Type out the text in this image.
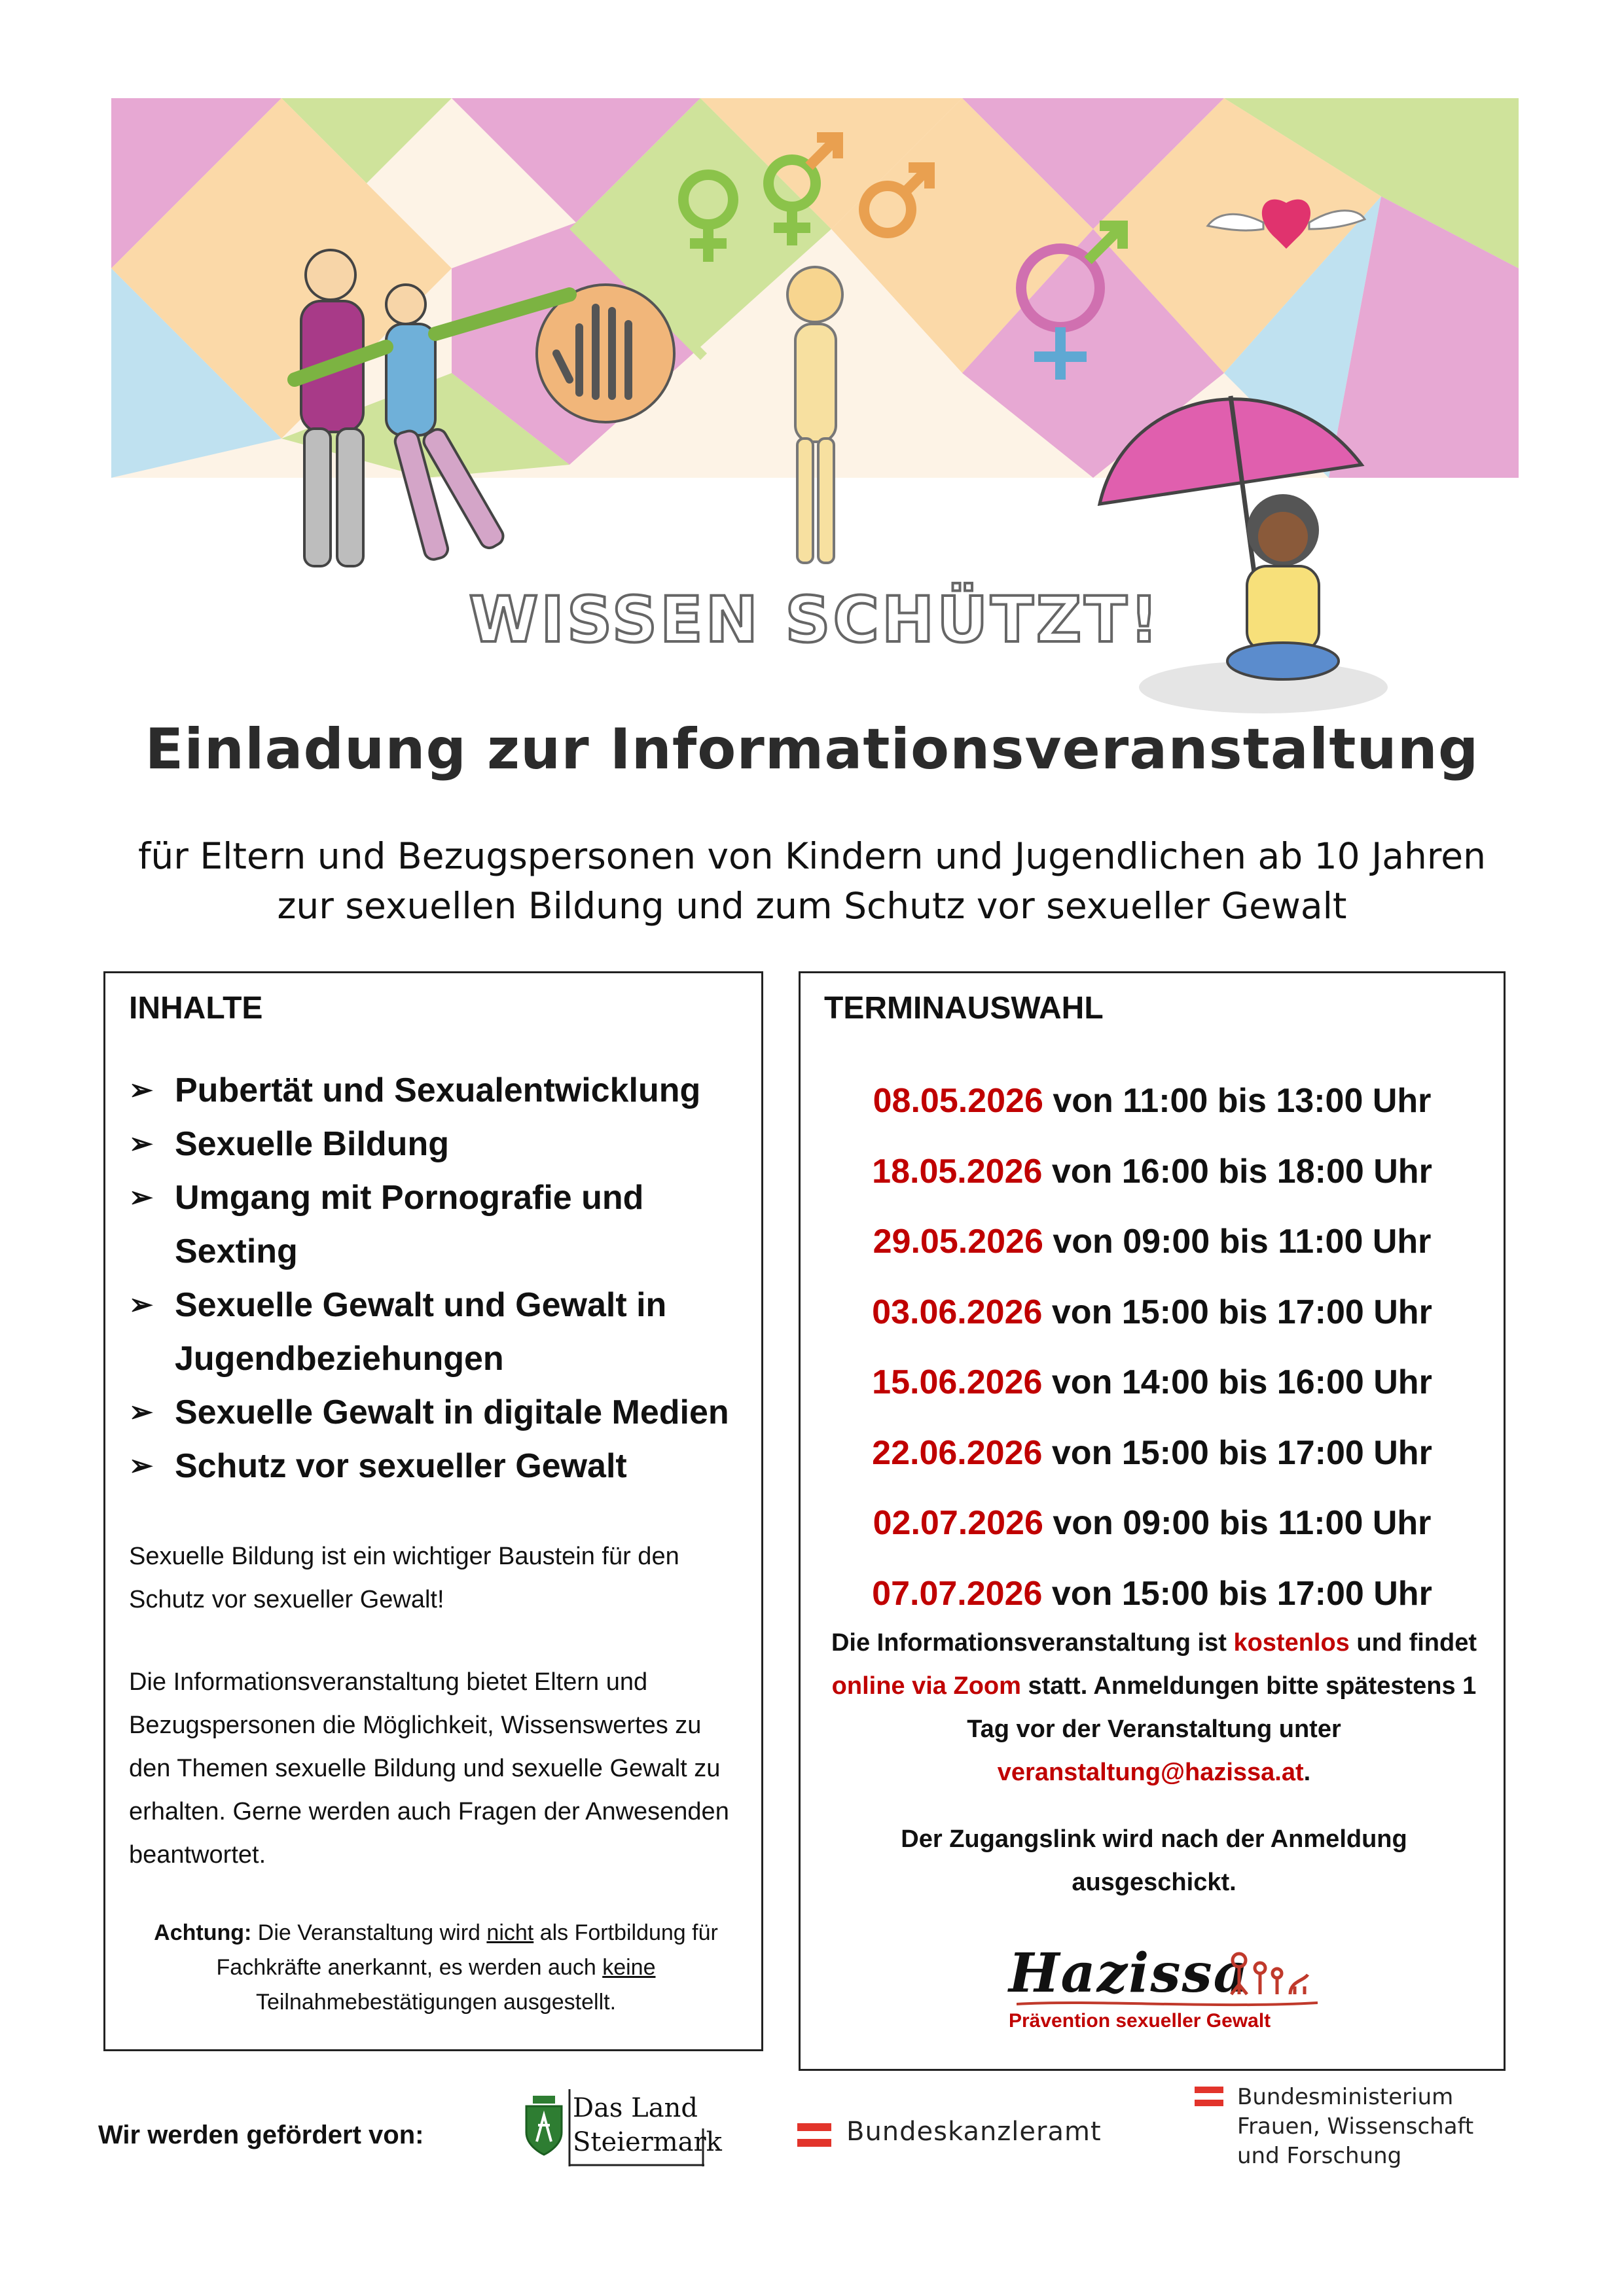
WISSEN SCHÜTZT!
Einladung zur Informationsveranstaltung
für Eltern und Bezugspersonen von Kindern und Jugendlichen ab 10 Jahren
zur sexuellen Bildung und zum Schutz vor sexueller Gewalt
INHALTE
➢ Pubertät und Sexualentwicklung
➢ Sexuelle Bildung
➢ Umgang mit Pornografie und Sexting
➢ Sexuelle Gewalt und Gewalt in Jugendbeziehungen
➢ Sexuelle Gewalt in digitale Medien
➢ Schutz vor sexueller Gewalt
Sexuelle Bildung ist ein wichtiger Baustein für den Schutz vor sexueller Gewalt!
Die Informationsveranstaltung bietet Eltern und Bezugspersonen die Möglichkeit, Wissenswertes zu den Themen sexuelle Bildung und sexuelle Gewalt zu erhalten. Gerne werden auch Fragen der Anwesenden beantwortet.
Achtung: Die Veranstaltung wird nicht als Fortbildung für Fachkräfte anerkannt, es werden auch keine Teilnahmebestätigungen ausgestellt.
TERMINAUSWAHL
08.05.2026 von 11:00 bis 13:00 Uhr
18.05.2026 von 16:00 bis 18:00 Uhr
29.05.2026 von 09:00 bis 11:00 Uhr
03.06.2026 von 15:00 bis 17:00 Uhr
15.06.2026 von 14:00 bis 16:00 Uhr
22.06.2026 von 15:00 bis 17:00 Uhr
02.07.2026 von 09:00 bis 11:00 Uhr
07.07.2026 von 15:00 bis 17:00 Uhr
Die Informationsveranstaltung ist kostenlos und findet online via Zoom statt. Anmeldungen bitte spätestens 1 Tag vor der Veranstaltung unter veranstaltung@hazissa.at.
Der Zugangslink wird nach der Anmeldung ausgeschickt.
Hazissa
Prävention sexueller Gewalt
Wir werden gefördert von:
Das Land
Steiermark	Bundeskanzleramt
Bundesministerium
Frauen, Wissenschaft
und Forschung
